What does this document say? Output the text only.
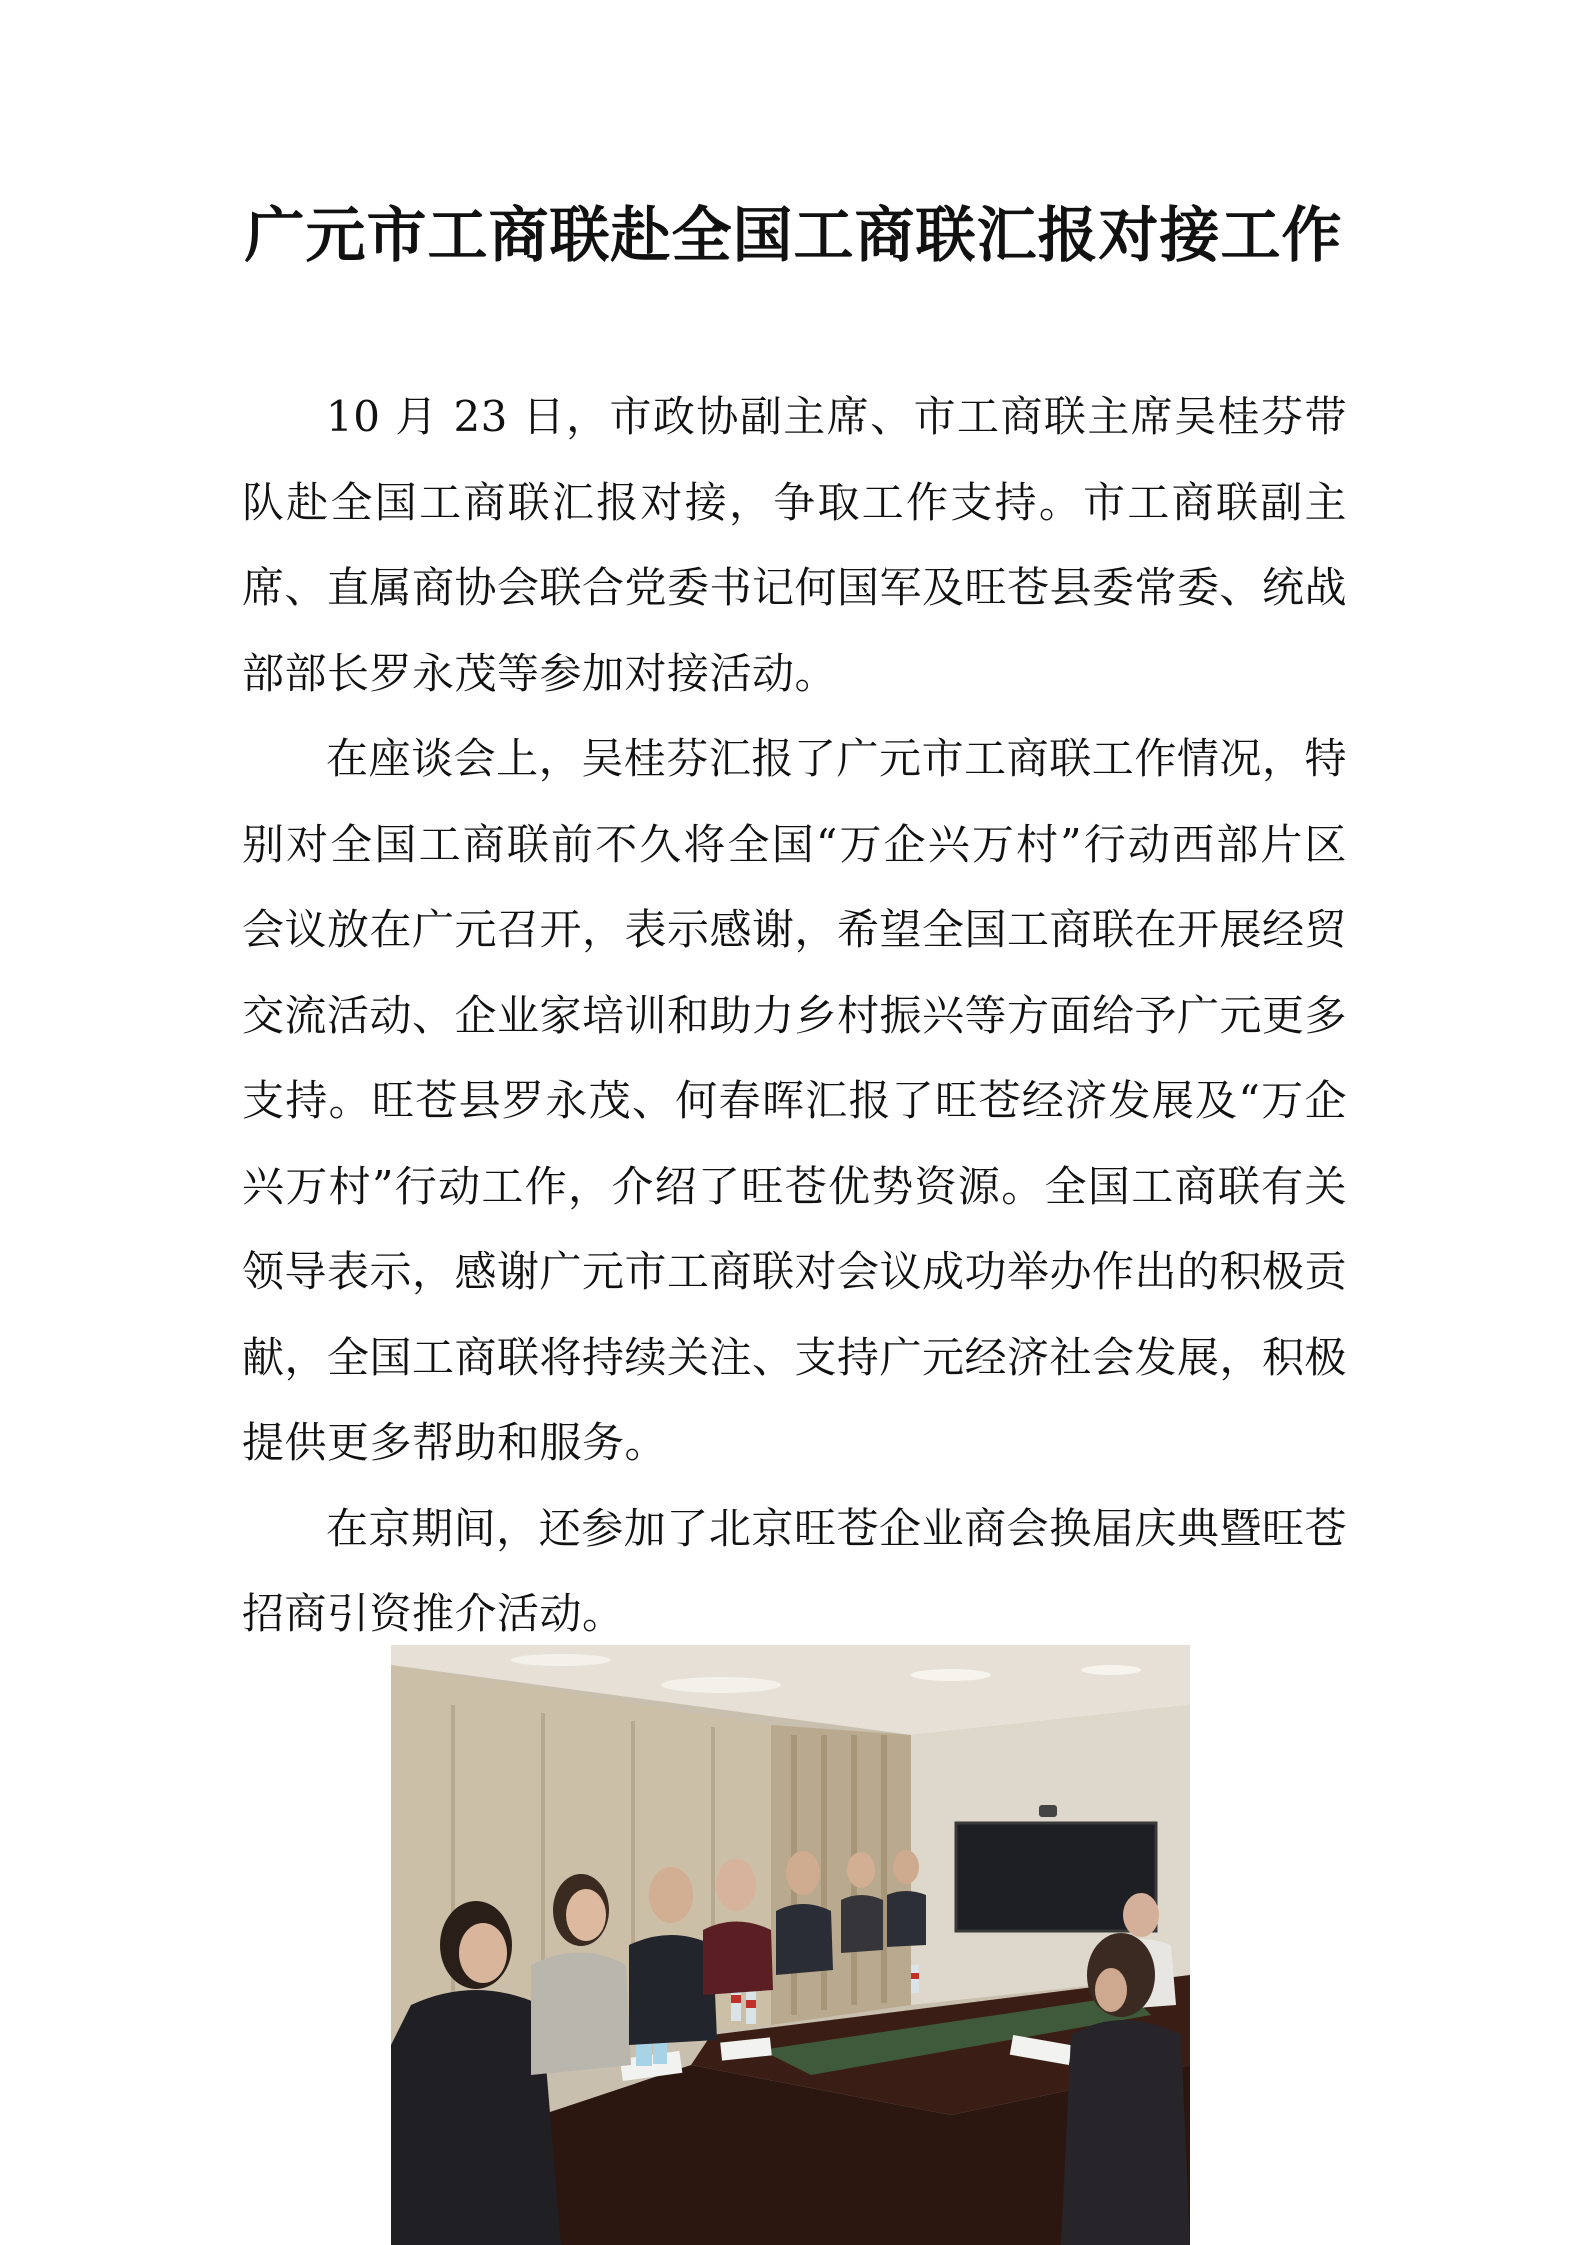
广元市工商联赴全国工商联汇报对接工作

10 月 23 日，市政协副主席、市工商联主席吴桂芬带队赴全国工商联汇报对接，争取工作支持。市工商联副主席、直属商协会联合党委书记何国军及旺苍县委常委、统战部部长罗永茂等参加对接活动。

在座谈会上，吴桂芬汇报了广元市工商联工作情况，特别对全国工商联前不久将全国“万企兴万村”行动西部片区会议放在广元召开，表示感谢，希望全国工商联在开展经贸交流活动、企业家培训和助力乡村振兴等方面给予广元更多支持。旺苍县罗永茂、何春晖汇报了旺苍经济发展及“万企兴万村”行动工作，介绍了旺苍优势资源。全国工商联有关领导表示，感谢广元市工商联对会议成功举办作出的积极贡献，全国工商联将持续关注、支持广元经济社会发展，积极提供更多帮助和服务。

在京期间，还参加了北京旺苍企业商会换届庆典暨旺苍招商引资推介活动。
